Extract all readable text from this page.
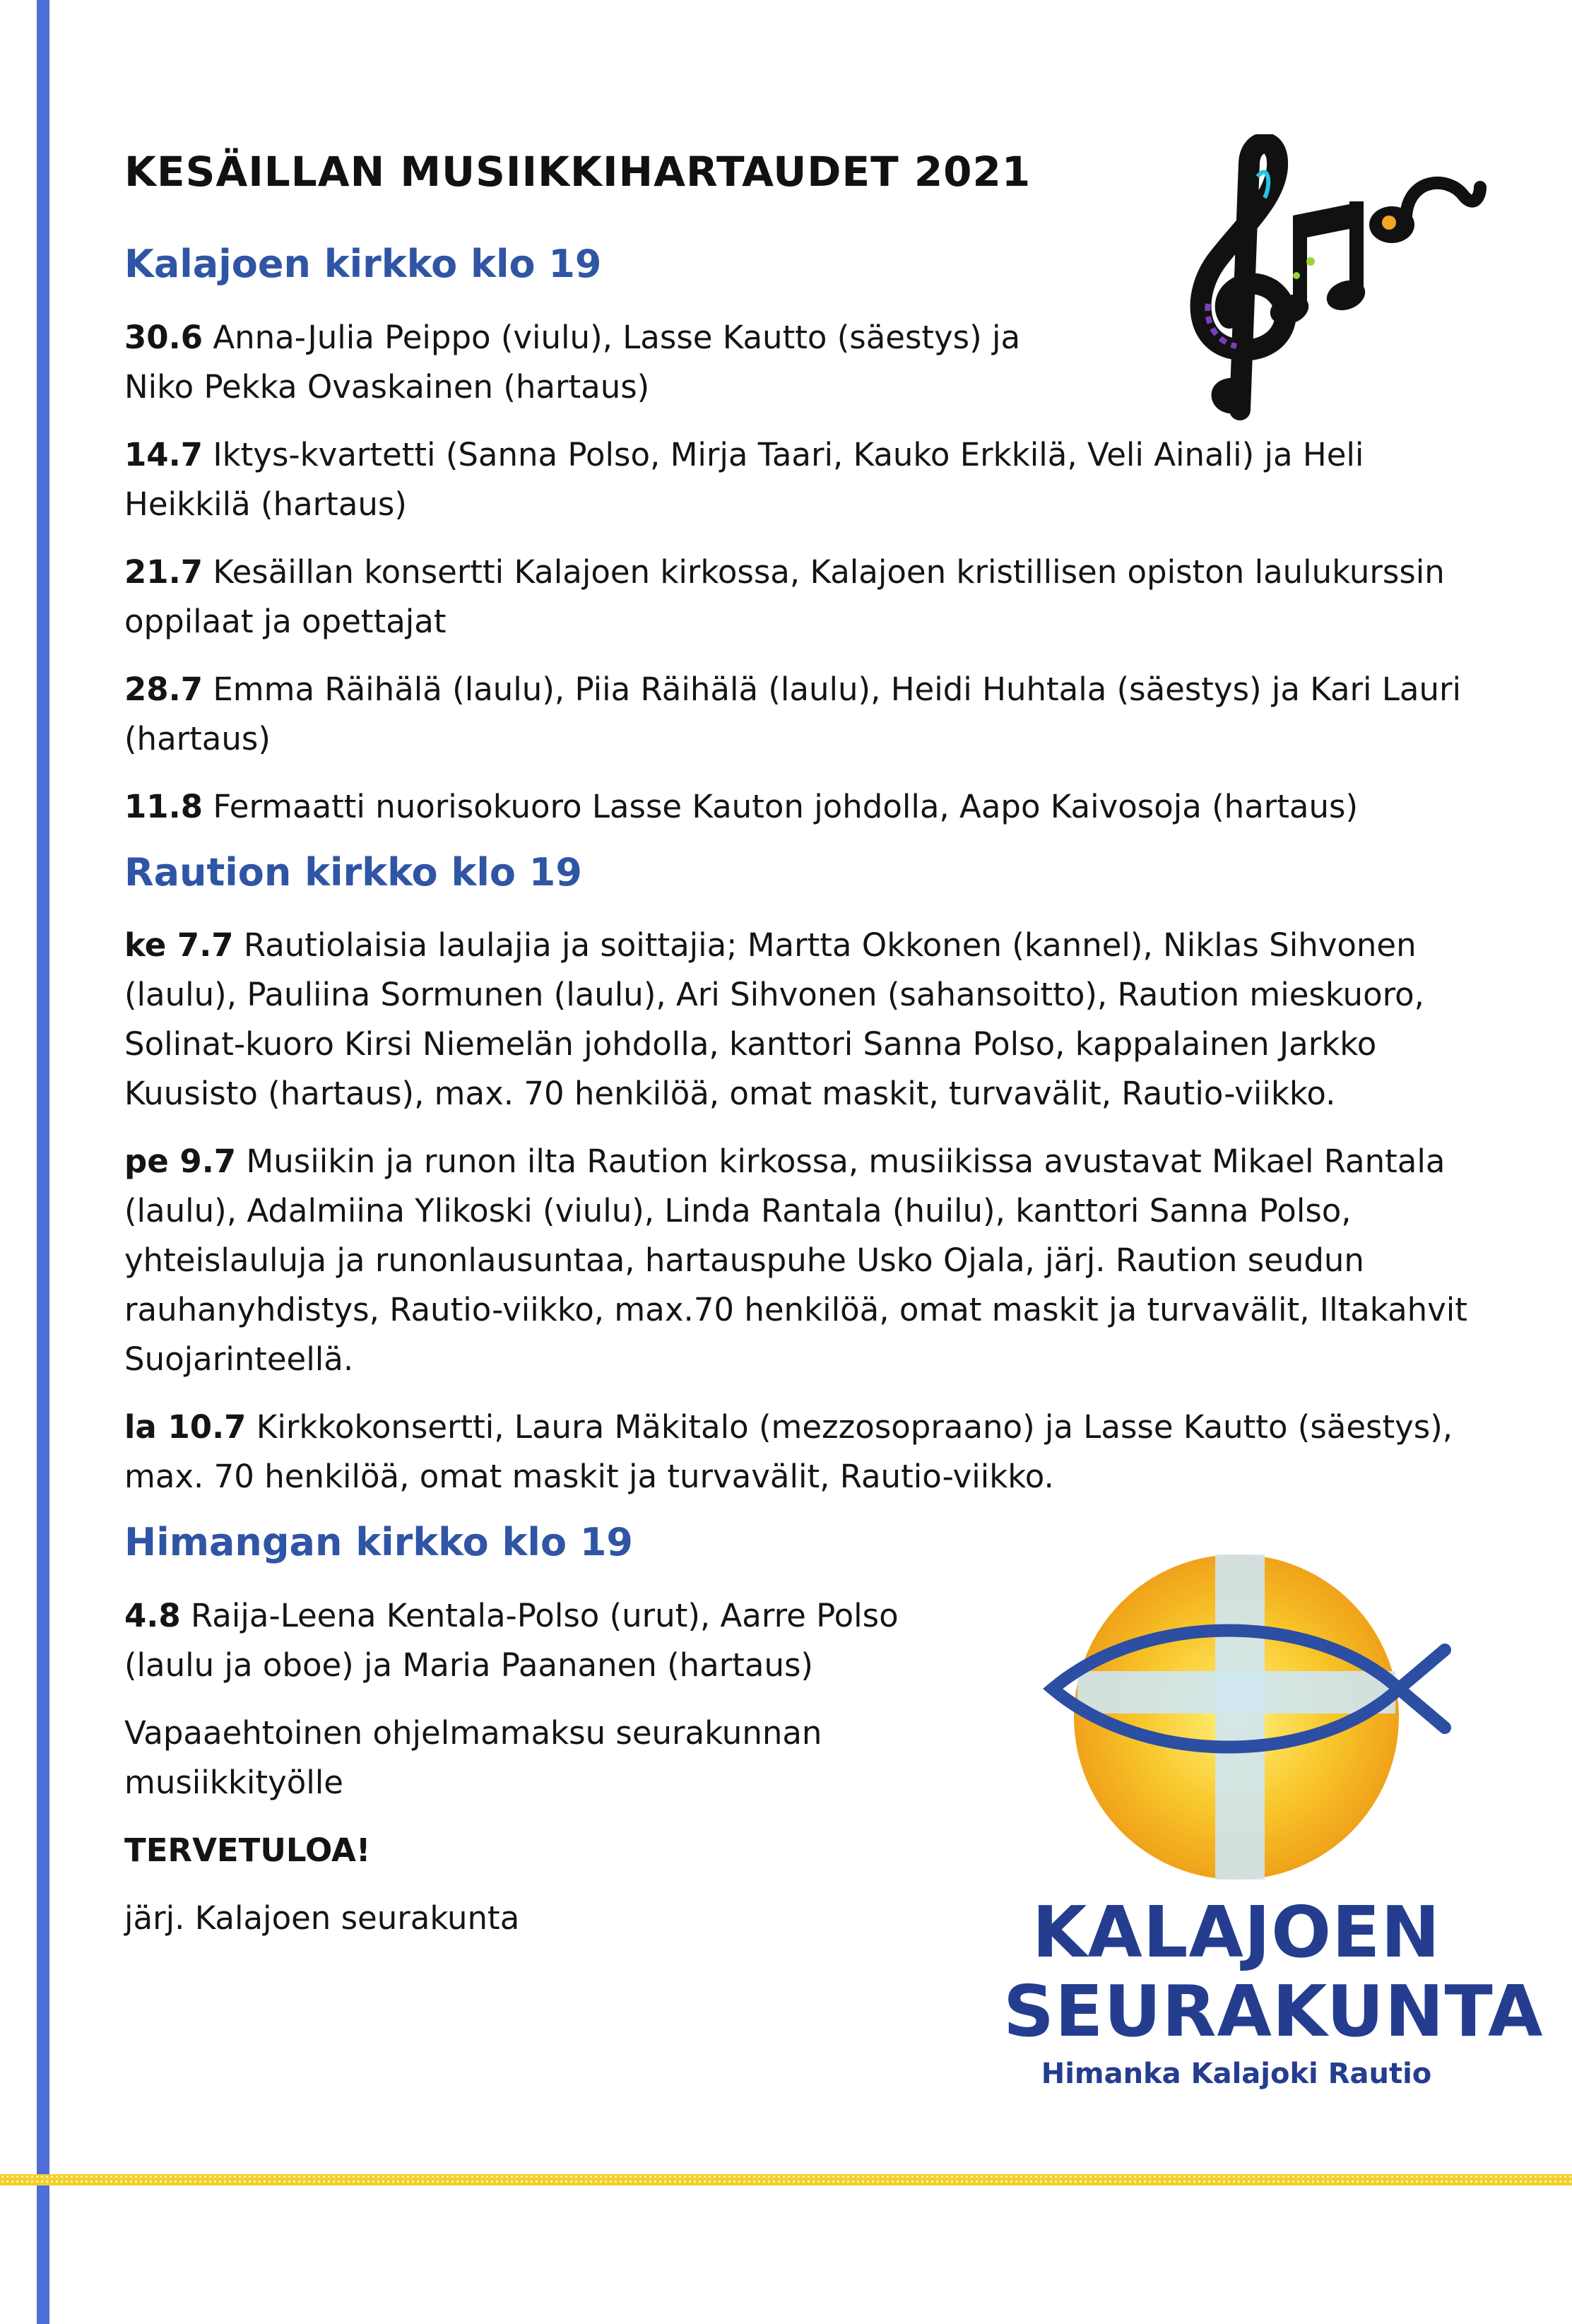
KESÄILLAN MUSIIKKIHARTAUDET 2021
Kalajoen kirkko klo 19

30.6 Anna-Julia Peippo (viulu), Lasse Kautto (säestys) ja Niko Pekka Ovaskainen (hartaus)

14.7 Iktys-kvartetti (Sanna Polso, Mirja Taari, Kauko Erkkilä, Veli Ainali) ja Heli Heikkilä (hartaus)

21.7 Kesäillan konsertti Kalajoen kirkossa, Kalajoen kristillisen opiston laulukurssin oppilaat ja opettajat

28.7 Emma Räihälä (laulu), Piia Räihälä (laulu), Heidi Huhtala (säestys) ja Kari Lauri (hartaus)

11.8 Fermaatti nuorisokuoro Lasse Kauton johdolla, Aapo Kaivosoja (hartaus)

Raution kirkko klo 19

ke 7.7 Rautiolaisia laulajia ja soittajia; Martta Okkonen (kannel), Niklas Sihvonen (laulu), Pauliina Sormunen (laulu), Ari Sihvonen (sahansoitto), Raution mieskuoro, Solinat-kuoro Kirsi Niemelän johdolla, kanttori Sanna Polso, kappalainen Jarkko Kuusisto (hartaus), max. 70 henkilöä, omat maskit, turvavälit, Rautio-viikko.

pe 9.7 Musiikin ja runon ilta Raution kirkossa, musiikissa avustavat Mikael Rantala (laulu), Adalmiina Ylikoski (viulu), Linda Rantala (huilu), kanttori Sanna Polso, yhteislauluja ja runonlausuntaa, hartauspuhe Usko Ojala, järj. Raution seudun rauhanyhdistys, Rautio-viikko, max.70 henkilöä, omat maskit ja turvavälit, Iltakahvit Suojarinteellä.

la 10.7 Kirkkokonsertti, Laura Mäkitalo (mezzosopraano) ja Lasse Kautto (säestys), max. 70 henkilöä, omat maskit ja turvavälit, Rautio-viikko.

Himangan kirkko klo 19

4.8 Raija-Leena Kentala-Polso (urut), Aarre Polso (laulu ja oboe) ja Maria Paananen (hartaus)

Vapaaehtoinen ohjelmamaksu seurakunnan musiikkityölle

TERVETULOA!

järj. Kalajoen seurakunta	KALAJOEN
SEURAKUNTA
Himanka Kalajoki Rautio
